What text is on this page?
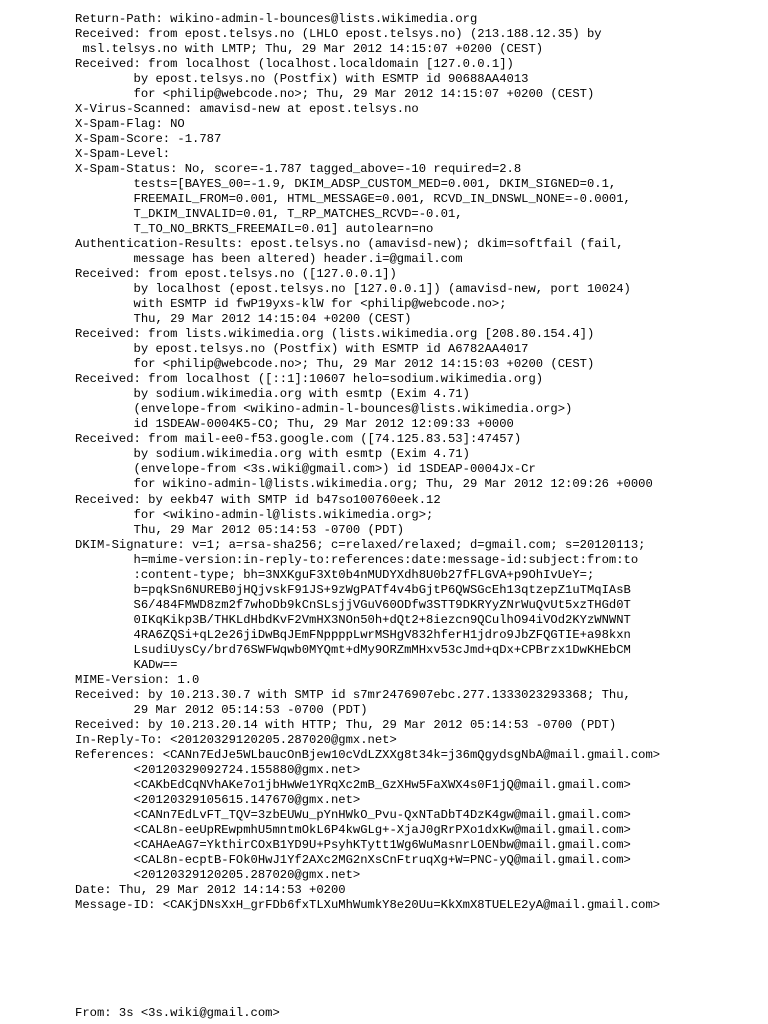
Return-Path: wikino-admin-l-bounces@lists.wikimedia.org
Received: from epost.telsys.no (LHLO epost.telsys.no) (213.188.12.35) by
msl.telsys.no with LMTP; Thu, 29 Mar 2012 14:15:07 +0200 (CEST)
Received: from localhost (localhost.localdomain [127.0.0.1])
by epost.telsys.no (Postfix) with ESMTP id 90688AA4013
for <philip@webcode.no>; Thu, 29 Mar 2012 14:15:07 +0200 (CEST)
X-Virus-Scanned: amavisd-new at epost.telsys.no
X-Spam-Flag: NO
X-Spam-Score: -1.787
X-Spam-Level:
X-Spam-Status: No, score=-1.787 tagged_above=-10 required=2.8
tests=[BAYES_00=-1.9, DKIM_ADSP_CUSTOM_MED=0.001, DKIM_SIGNED=0.1,
FREEMAIL_FROM=0.001, HTML_MESSAGE=0.001, RCVD_IN_DNSWL_NONE=-0.0001,
T_DKIM_INVALID=0.01, T_RP_MATCHES_RCVD=-0.01,
T_TO_NO_BRKTS_FREEMAIL=0.01] autolearn=no
Authentication-Results: epost.telsys.no (amavisd-new); dkim=softfail (fail,
message has been altered) header.i=@gmail.com
Received: from epost.telsys.no ([127.0.0.1])
by localhost (epost.telsys.no [127.0.0.1]) (amavisd-new, port 10024)
with ESMTP id fwP19yxs-klW for <philip@webcode.no>;
Thu, 29 Mar 2012 14:15:04 +0200 (CEST)
Received: from lists.wikimedia.org (lists.wikimedia.org [208.80.154.4])
by epost.telsys.no (Postfix) with ESMTP id A6782AA4017
for <philip@webcode.no>; Thu, 29 Mar 2012 14:15:03 +0200 (CEST)
Received: from localhost ([::1]:10607 helo=sodium.wikimedia.org)
by sodium.wikimedia.org with esmtp (Exim 4.71)
(envelope-from <wikino-admin-l-bounces@lists.wikimedia.org>)
id 1SDEAW-0004K5-CO; Thu, 29 Mar 2012 12:09:33 +0000
Received: from mail-ee0-f53.google.com ([74.125.83.53]:47457)
by sodium.wikimedia.org with esmtp (Exim 4.71)
(envelope-from <3s.wiki@gmail.com>) id 1SDEAP-0004Jx-Cr
for wikino-admin-l@lists.wikimedia.org; Thu, 29 Mar 2012 12:09:26 +0000
Received: by eekb47 with SMTP id b47so100760eek.12
for <wikino-admin-l@lists.wikimedia.org>;
Thu, 29 Mar 2012 05:14:53 -0700 (PDT)
DKIM-Signature: v=1; a=rsa-sha256; c=relaxed/relaxed; d=gmail.com; s=20120113;
h=mime-version:in-reply-to:references:date:message-id:subject:from:to
:content-type; bh=3NXKguF3Xt0b4nMUDYXdh8U0b27fFLGVA+p9OhIvUeY=;
b=pqkSn6NUREB0jHQjvskF91JS+9zWgPATf4v4bGjtP6QWSGcEh13qtzepZ1uTMqIAsB
S6/484FMWD8zm2f7whoDb9kCnSLsjjVGuV60ODfw3STT9DKRYyZNrWuQvUt5xzTHGd0T
0IKqKikp3B/THKLdHbdKvF2VmHX3NOn50h+dQt2+8iezcn9QCulhO94iVOd2KYzWNWNT
4RA6ZQSi+qL2e26jiDwBqJEmFNppppLwrMSHgV832hferH1jdro9JbZFQGTIE+a98kxn
LsudiUysCy/brd76SWFWqwb0MYQmt+dMy9ORZmMHxv53cJmd+qDx+CPBrzx1DwKHEbCM
KADw==
MIME-Version: 1.0
Received: by 10.213.30.7 with SMTP id s7mr2476907ebc.277.1333023293368; Thu,
29 Mar 2012 05:14:53 -0700 (PDT)
Received: by 10.213.20.14 with HTTP; Thu, 29 Mar 2012 05:14:53 -0700 (PDT)
In-Reply-To: <20120329120205.287020@gmx.net>
References: <CANn7EdJe5WLbaucOnBjew10cVdLZXXg8t34k=j36mQgydsgNbA@mail.gmail.com>
<20120329092724.155880@gmx.net>
<CAKbEdCqNVhAKe7o1jbHwWe1YRqXc2mB_GzXHw5FaXWX4s0F1jQ@mail.gmail.com>
<20120329105615.147670@gmx.net>
<CANn7EdLvFT_TQV=3zbEUWu_pYnHWkO_Pvu-QxNTaDbT4DzK4gw@mail.gmail.com>
<CAL8n-eeUpREwpmhU5mntmOkL6P4kwGLg+-XjaJ0gRrPXo1dxKw@mail.gmail.com>
<CAHAeAG7=YkthirCOxB1YD9U+PsyhKTytt1Wg6WuMasnrLOENbw@mail.gmail.com>
<CAL8n-ecptB-FOk0HwJ1Yf2AXc2MG2nXsCnFtruqXg+W=PNC-yQ@mail.gmail.com>
<20120329120205.287020@gmx.net>
Date: Thu, 29 Mar 2012 14:14:53 +0200
Message-ID: <CAKjDNsXxH_grFDb6fxTLXuMhWumkY8e20Uu=KkXmX8TUELE2yA@mail.gmail.com>
From: 3s <3s.wiki@gmail.com>
